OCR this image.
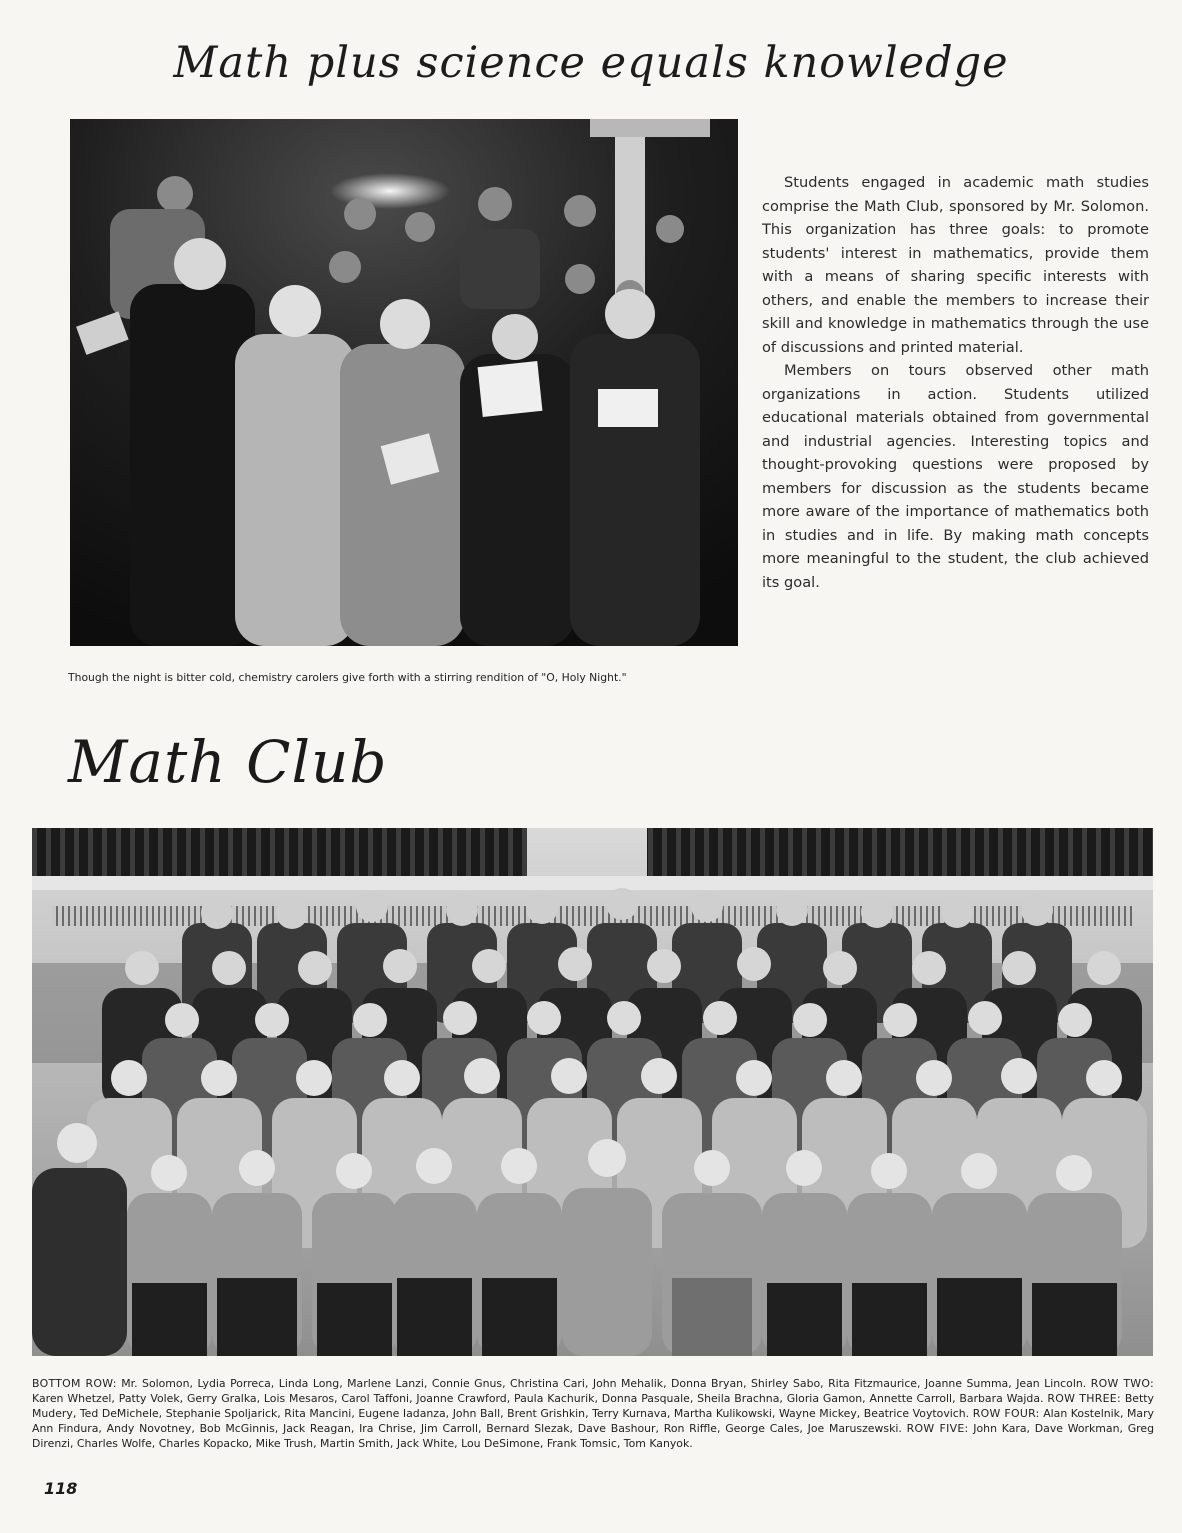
Math plus science equals knowledge

Students engaged in academic math studies comprise the Math Club, sponsored by Mr. Solomon. This organization has three goals: to promote students' interest in mathematics, provide them with a means of sharing specific interests with others, and enable the members to increase their skill and knowledge in mathematics through the use of discussions and printed material.

Members on tours observed other math organizations in action. Students utilized educational materials obtained from governmental and industrial agencies. Interesting topics and thought-provoking questions were proposed by members for discussion as the students became more aware of the importance of mathematics both in studies and in life. By making math concepts more meaningful to the student, the club achieved its goal.

Though the night is bitter cold, chemistry carolers give forth with a stirring rendition of "O, Holy Night."

Math Club

BOTTOM ROW: Mr. Solomon, Lydia Porreca, Linda Long, Marlene Lanzi, Connie Gnus, Christina Cari, John Mehalik, Donna Bryan, Shirley Sabo, Rita Fitzmaurice, Joanne Summa, Jean Lincoln. ROW TWO: Karen Whetzel, Patty Volek, Gerry Gralka, Lois Mesaros, Carol Taffoni, Joanne Crawford, Paula Kachurik, Donna Pasquale, Sheila Brachna, Gloria Gamon, Annette Carroll, Barbara Wajda. ROW THREE: Betty Mudery, Ted DeMichele, Stephanie Spoljarick, Rita Mancini, Eugene Iadanza, John Ball, Brent Grishkin, Terry Kurnava, Martha Kulikowski, Wayne Mickey, Beatrice Voytovich. ROW FOUR: Alan Kostelnik, Mary Ann Findura, Andy Novotney, Bob McGinnis, Jack Reagan, Ira Chrise, Jim Carroll, Bernard Slezak, Dave Bashour, Ron Riffle, George Cales, Joe Maruszewski. ROW FIVE: John Kara, Dave Workman, Greg Direnzi, Charles Wolfe, Charles Kopacko, Mike Trush, Martin Smith, Jack White, Lou DeSimone, Frank Tomsic, Tom Kanyok.

118
